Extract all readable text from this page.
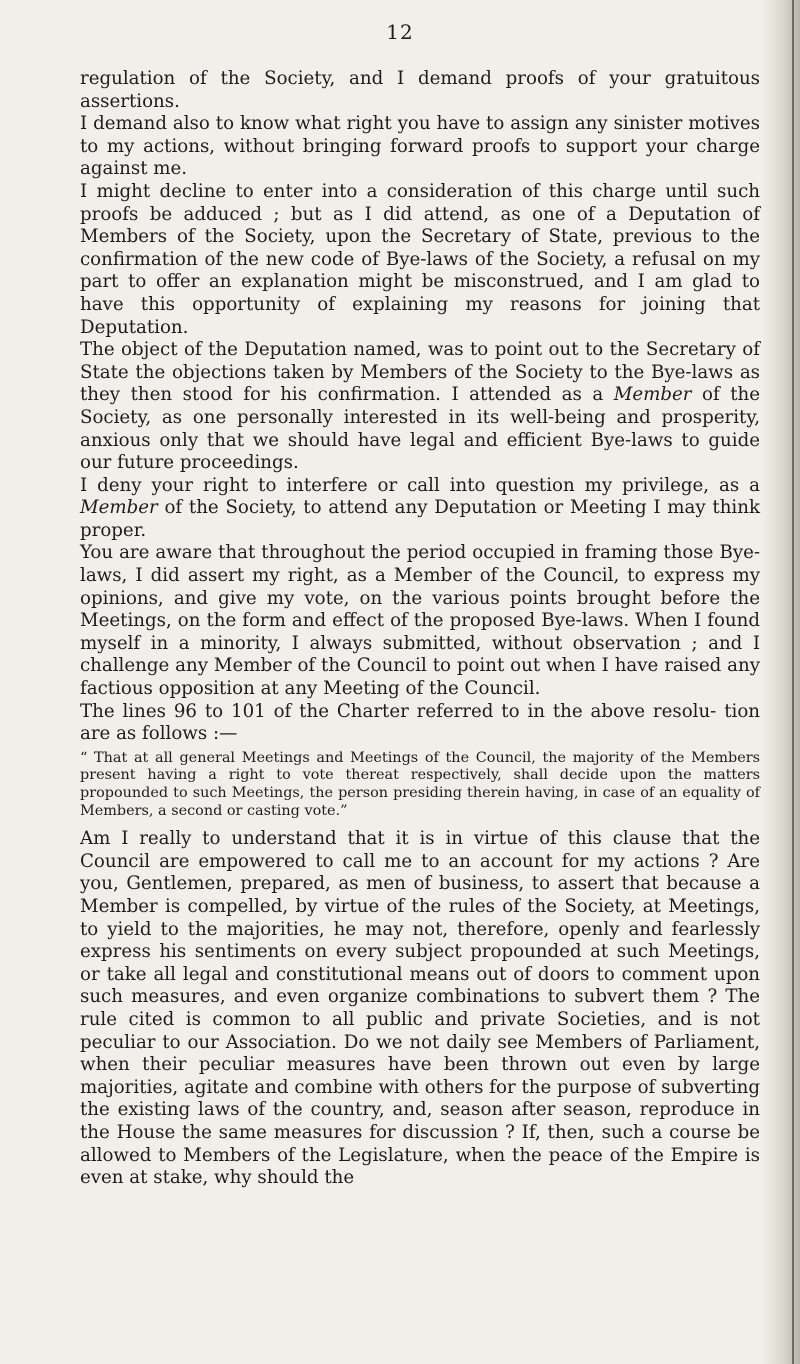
12

regulation of the Society, and I demand proofs of your gratuitous assertions.

I demand also to know what right you have to assign any sinister motives to my actions, without bringing forward proofs to support your charge against me.

I might decline to enter into a consideration of this charge until such proofs be adduced ; but as I did attend, as one of a Deputation of Members of the Society, upon the Secretary of State, previous to the confirmation of the new code of Bye-laws of the Society, a refusal on my part to offer an explanation might be misconstrued, and I am glad to have this opportunity of explaining my reasons for joining that Deputation.

The object of the Deputation named, was to point out to the Secretary of State the objections taken by Members of the Society to the Bye-laws as they then stood for his confirmation. I attended as a Member of the Society, as one personally interested in its well-being and prosperity, anxious only that we should have legal and efficient Bye-laws to guide our future proceedings.

I deny your right to interfere or call into question my privilege, as a Member of the Society, to attend any Deputation or Meeting I may think proper.

You are aware that throughout the period occupied in framing those Bye-laws, I did assert my right, as a Member of the Council, to express my opinions, and give my vote, on the various points brought before the Meetings, on the form and effect of the proposed Bye-laws. When I found myself in a minority, I always submitted, without observation ; and I challenge any Member of the Council to point out when I have raised any factious opposition at any Meeting of the Council.

The lines 96 to 101 of the Charter referred to in the above resolu- tion are as follows :—

“ That at all general Meetings and Meetings of the Council, the majority of the Members present having a right to vote thereat respectively, shall decide upon the matters propounded to such Meetings, the person presiding therein having, in case of an equality of Members, a second or casting vote.”

Am I really to understand that it is in virtue of this clause that the Council are empowered to call me to an account for my actions ? Are you, Gentlemen, prepared, as men of business, to assert that because a Member is compelled, by virtue of the rules of the Society, at Meetings, to yield to the majorities, he may not, therefore, openly and fearlessly express his sentiments on every subject propounded at such Meetings, or take all legal and constitutional means out of doors to comment upon such measures, and even organize combinations to subvert them ? The rule cited is common to all public and private Societies, and is not peculiar to our Association. Do we not daily see Members of Parliament, when their peculiar measures have been thrown out even by large majorities, agitate and combine with others for the purpose of subverting the existing laws of the country, and, season after season, reproduce in the House the same measures for discussion ? If, then, such a course be allowed to Members of the Legislature, when the peace of the Empire is even at stake, why should the
